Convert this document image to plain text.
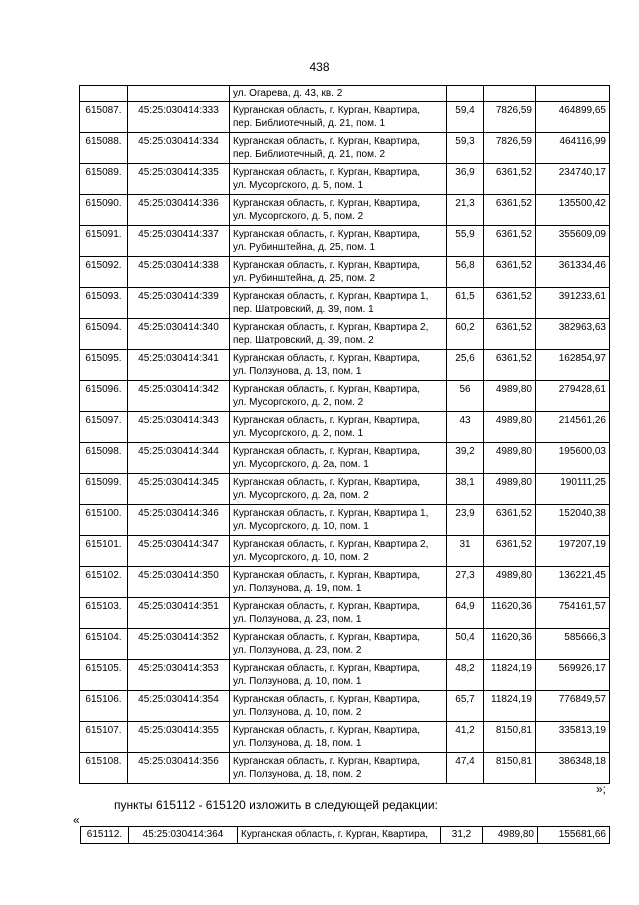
438
		ул. Огарева, д. 43, кв. 2			
615087.	45:25:030414:333	Курганская область, г. Курган, Квартира,
пер. Библиотечный, д. 21, пом. 1	59,4	7826,59	464899,65
615088.	45:25:030414:334	Курганская область, г. Курган, Квартира,
пер. Библиотечный, д. 21, пом. 2	59,3	7826,59	464116,99
615089.	45:25:030414:335	Курганская область, г. Курган, Квартира,
ул. Мусоргского, д. 5, пом. 1	36,9	6361,52	234740,17
615090.	45:25:030414:336	Курганская область, г. Курган, Квартира,
ул. Мусоргского, д. 5, пом. 2	21,3	6361,52	135500,42
615091.	45:25:030414:337	Курганская область, г. Курган, Квартира,
ул. Рубинштейна, д. 25, пом. 1	55,9	6361,52	355609,09
615092.	45:25:030414:338	Курганская область, г. Курган, Квартира,
ул. Рубинштейна, д. 25, пом. 2	56,8	6361,52	361334,46
615093.	45:25:030414:339	Курганская область, г. Курган, Квартира 1,
пер. Шатровский, д. 39, пом. 1	61,5	6361,52	391233,61
615094.	45:25:030414:340	Курганская область, г. Курган, Квартира 2,
пер. Шатровский, д. 39, пом. 2	60,2	6361,52	382963,63
615095.	45:25:030414:341	Курганская область, г. Курган, Квартира,
ул. Ползунова, д. 13, пом. 1	25,6	6361,52	162854,97
615096.	45:25:030414:342	Курганская область, г. Курган, Квартира,
ул. Мусоргского, д. 2, пом. 2	56	4989,80	279428,61
615097.	45:25:030414:343	Курганская область, г. Курган, Квартира,
ул. Мусоргского, д. 2, пом. 1	43	4989,80	214561,26
615098.	45:25:030414:344	Курганская область, г. Курган, Квартира,
ул. Мусоргского, д. 2а, пом. 1	39,2	4989,80	195600,03
615099.	45:25:030414:345	Курганская область, г. Курган, Квартира,
ул. Мусоргского, д. 2а, пом. 2	38,1	4989,80	190111,25
615100.	45:25:030414:346	Курганская область, г. Курган, Квартира 1,
ул. Мусоргского, д. 10, пом. 1	23,9	6361,52	152040,38
615101.	45:25:030414:347	Курганская область, г. Курган, Квартира 2,
ул. Мусоргского, д. 10, пом. 2	31	6361,52	197207,19
615102.	45:25:030414:350	Курганская область, г. Курган, Квартира,
ул. Ползунова, д. 19, пом. 1	27,3	4989,80	136221,45
615103.	45:25:030414:351	Курганская область, г. Курган, Квартира,
ул. Ползунова, д. 23, пом. 1	64,9	11620,36	754161,57
615104.	45:25:030414:352	Курганская область, г. Курган, Квартира,
ул. Ползунова, д. 23, пом. 2	50,4	11620,36	585666,3
615105.	45:25:030414:353	Курганская область, г. Курган, Квартира,
ул. Ползунова, д. 10, пом. 1	48,2	11824,19	569926,17
615106.	45:25:030414:354	Курганская область, г. Курган, Квартира,
ул. Ползунова, д. 10, пом. 2	65,7	11824,19	776849,57
615107.	45:25:030414:355	Курганская область, г. Курган, Квартира,
ул. Ползунова, д. 18, пом. 1	41,2	8150,81	335813,19
615108.	45:25:030414:356	Курганская область, г. Курган, Квартира,
ул. Ползунова, д. 18, пом. 2	47,4	8150,81	386348,18
»;
пункты 615112 - 615120 изложить в следующей редакции:
«
615112.	45:25:030414:364	Курганская область, г. Курган, Квартира,	31,2	4989,80	155681,66
